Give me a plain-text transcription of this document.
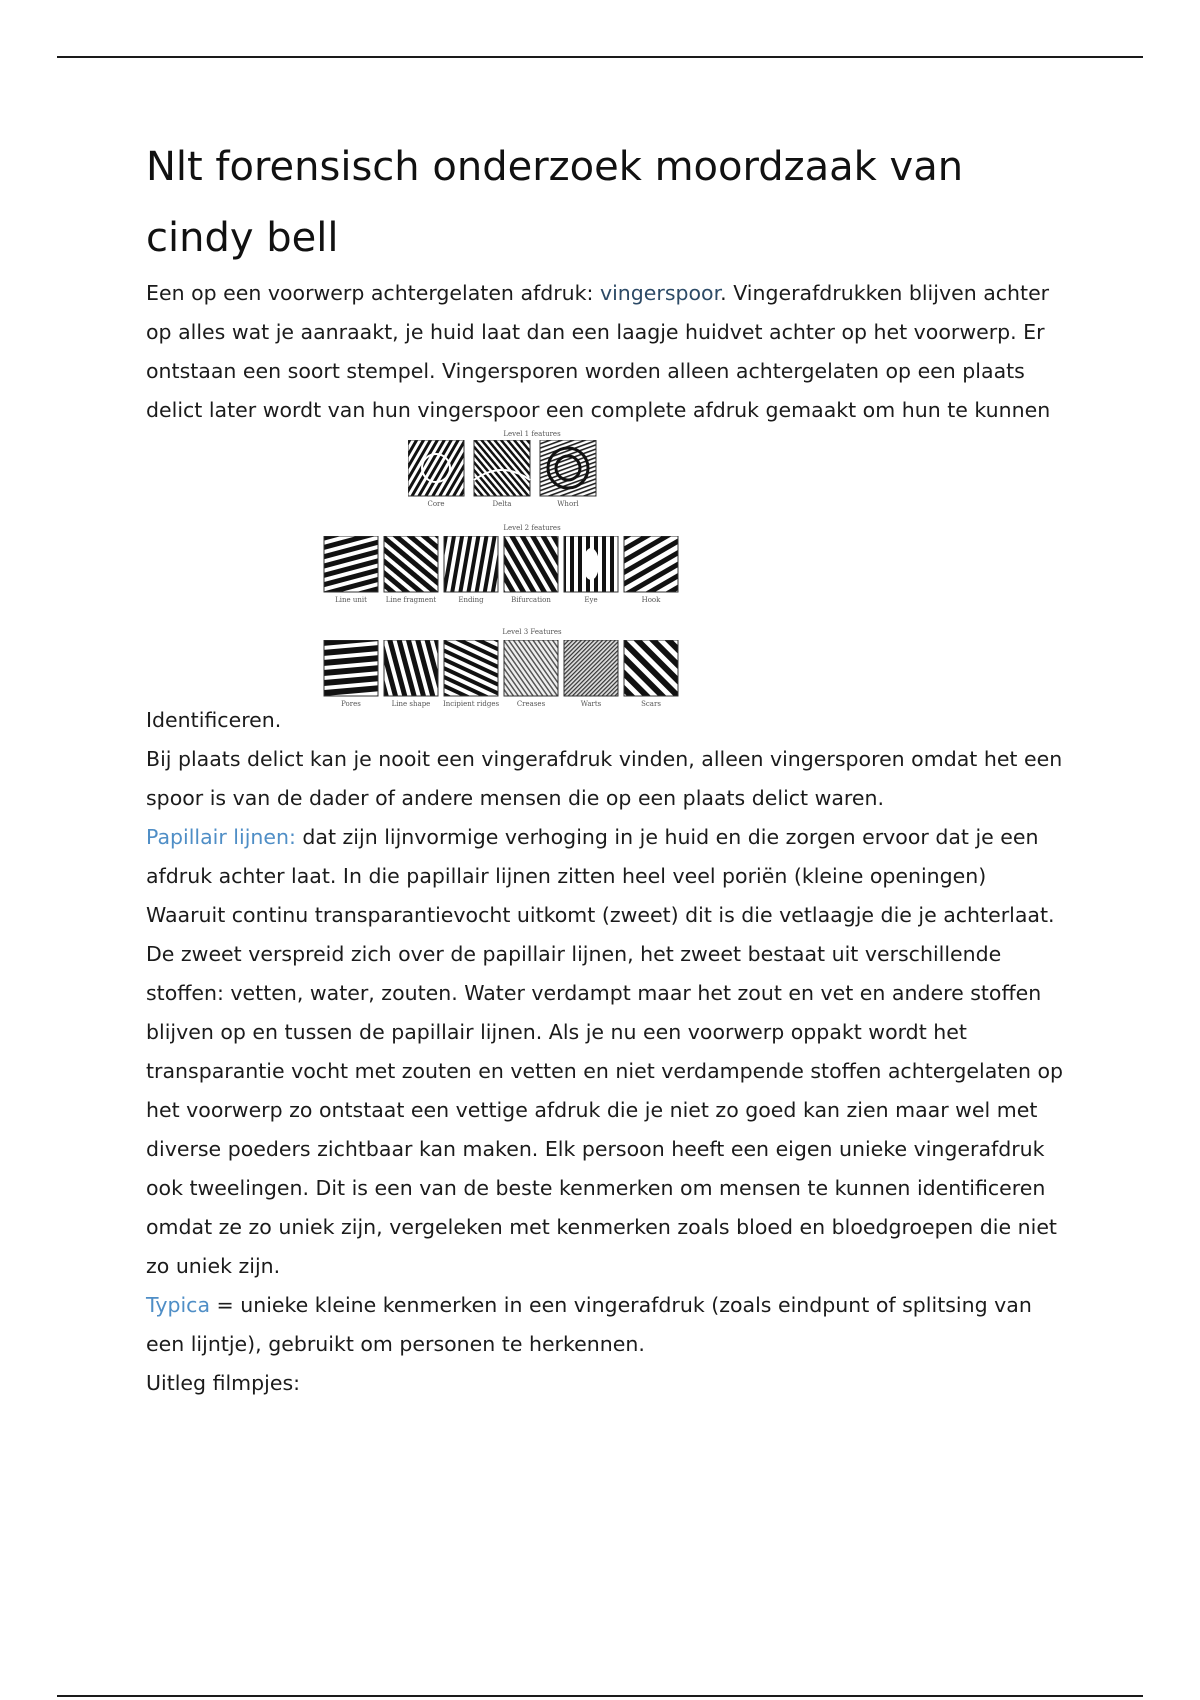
Nlt forensisch onderzoek moordzaak van cindy bell

Een op een voorwerp achtergelaten afdruk: vingerspoor. Vingerafdrukken blijven achter op alles wat je aanraakt, je huid laat dan een laagje huidvet achter op het voorwerp. Er ontstaan een soort stempel. Vingersporen worden alleen achtergelaten op een plaats delict later wordt van hun vingerspoor een complete afdruk gemaakt om hun te kunnen

Identificeren.
Level 1 features
Core	Delta	Whorl
Level 2 features
Line unit	Line fragment	Ending	Bifurcation	Eye	Hook
Level 3 Features
Pores	Line shape	Incipient ridges	Creases	Warts	Scars

Bij plaats delict kan je nooit een vingerafdruk vinden, alleen vingersporen omdat het een spoor is van de dader of andere mensen die op een plaats delict waren.

Papillair lijnen: dat zijn lijnvormige verhoging in je huid en die zorgen ervoor dat je een afdruk achter laat. In die papillair lijnen zitten heel veel poriën (kleine openingen)

Waaruit continu transparantievocht uitkomt (zweet) dit is die vetlaagje die je achterlaat. De zweet verspreid zich over de papillair lijnen, het zweet bestaat uit verschillende stoffen: vetten, water, zouten. Water verdampt maar het zout en vet en andere stoffen blijven op en tussen de papillair lijnen. Als je nu een voorwerp oppakt wordt het transparantie vocht met zouten en vetten en niet verdampende stoffen achtergelaten op het voorwerp zo ontstaat een vettige afdruk die je niet zo goed kan zien maar wel met diverse poeders zichtbaar kan maken. Elk persoon heeft een eigen unieke vingerafdruk ook tweelingen. Dit is een van de beste kenmerken om mensen te kunnen identificeren omdat ze zo uniek zijn, vergeleken met kenmerken zoals bloed en bloedgroepen die niet zo uniek zijn.

Typica = unieke kleine kenmerken in een vingerafdruk (zoals eindpunt of splitsing van een lijntje), gebruikt om personen te herkennen.

Uitleg filmpjes:
